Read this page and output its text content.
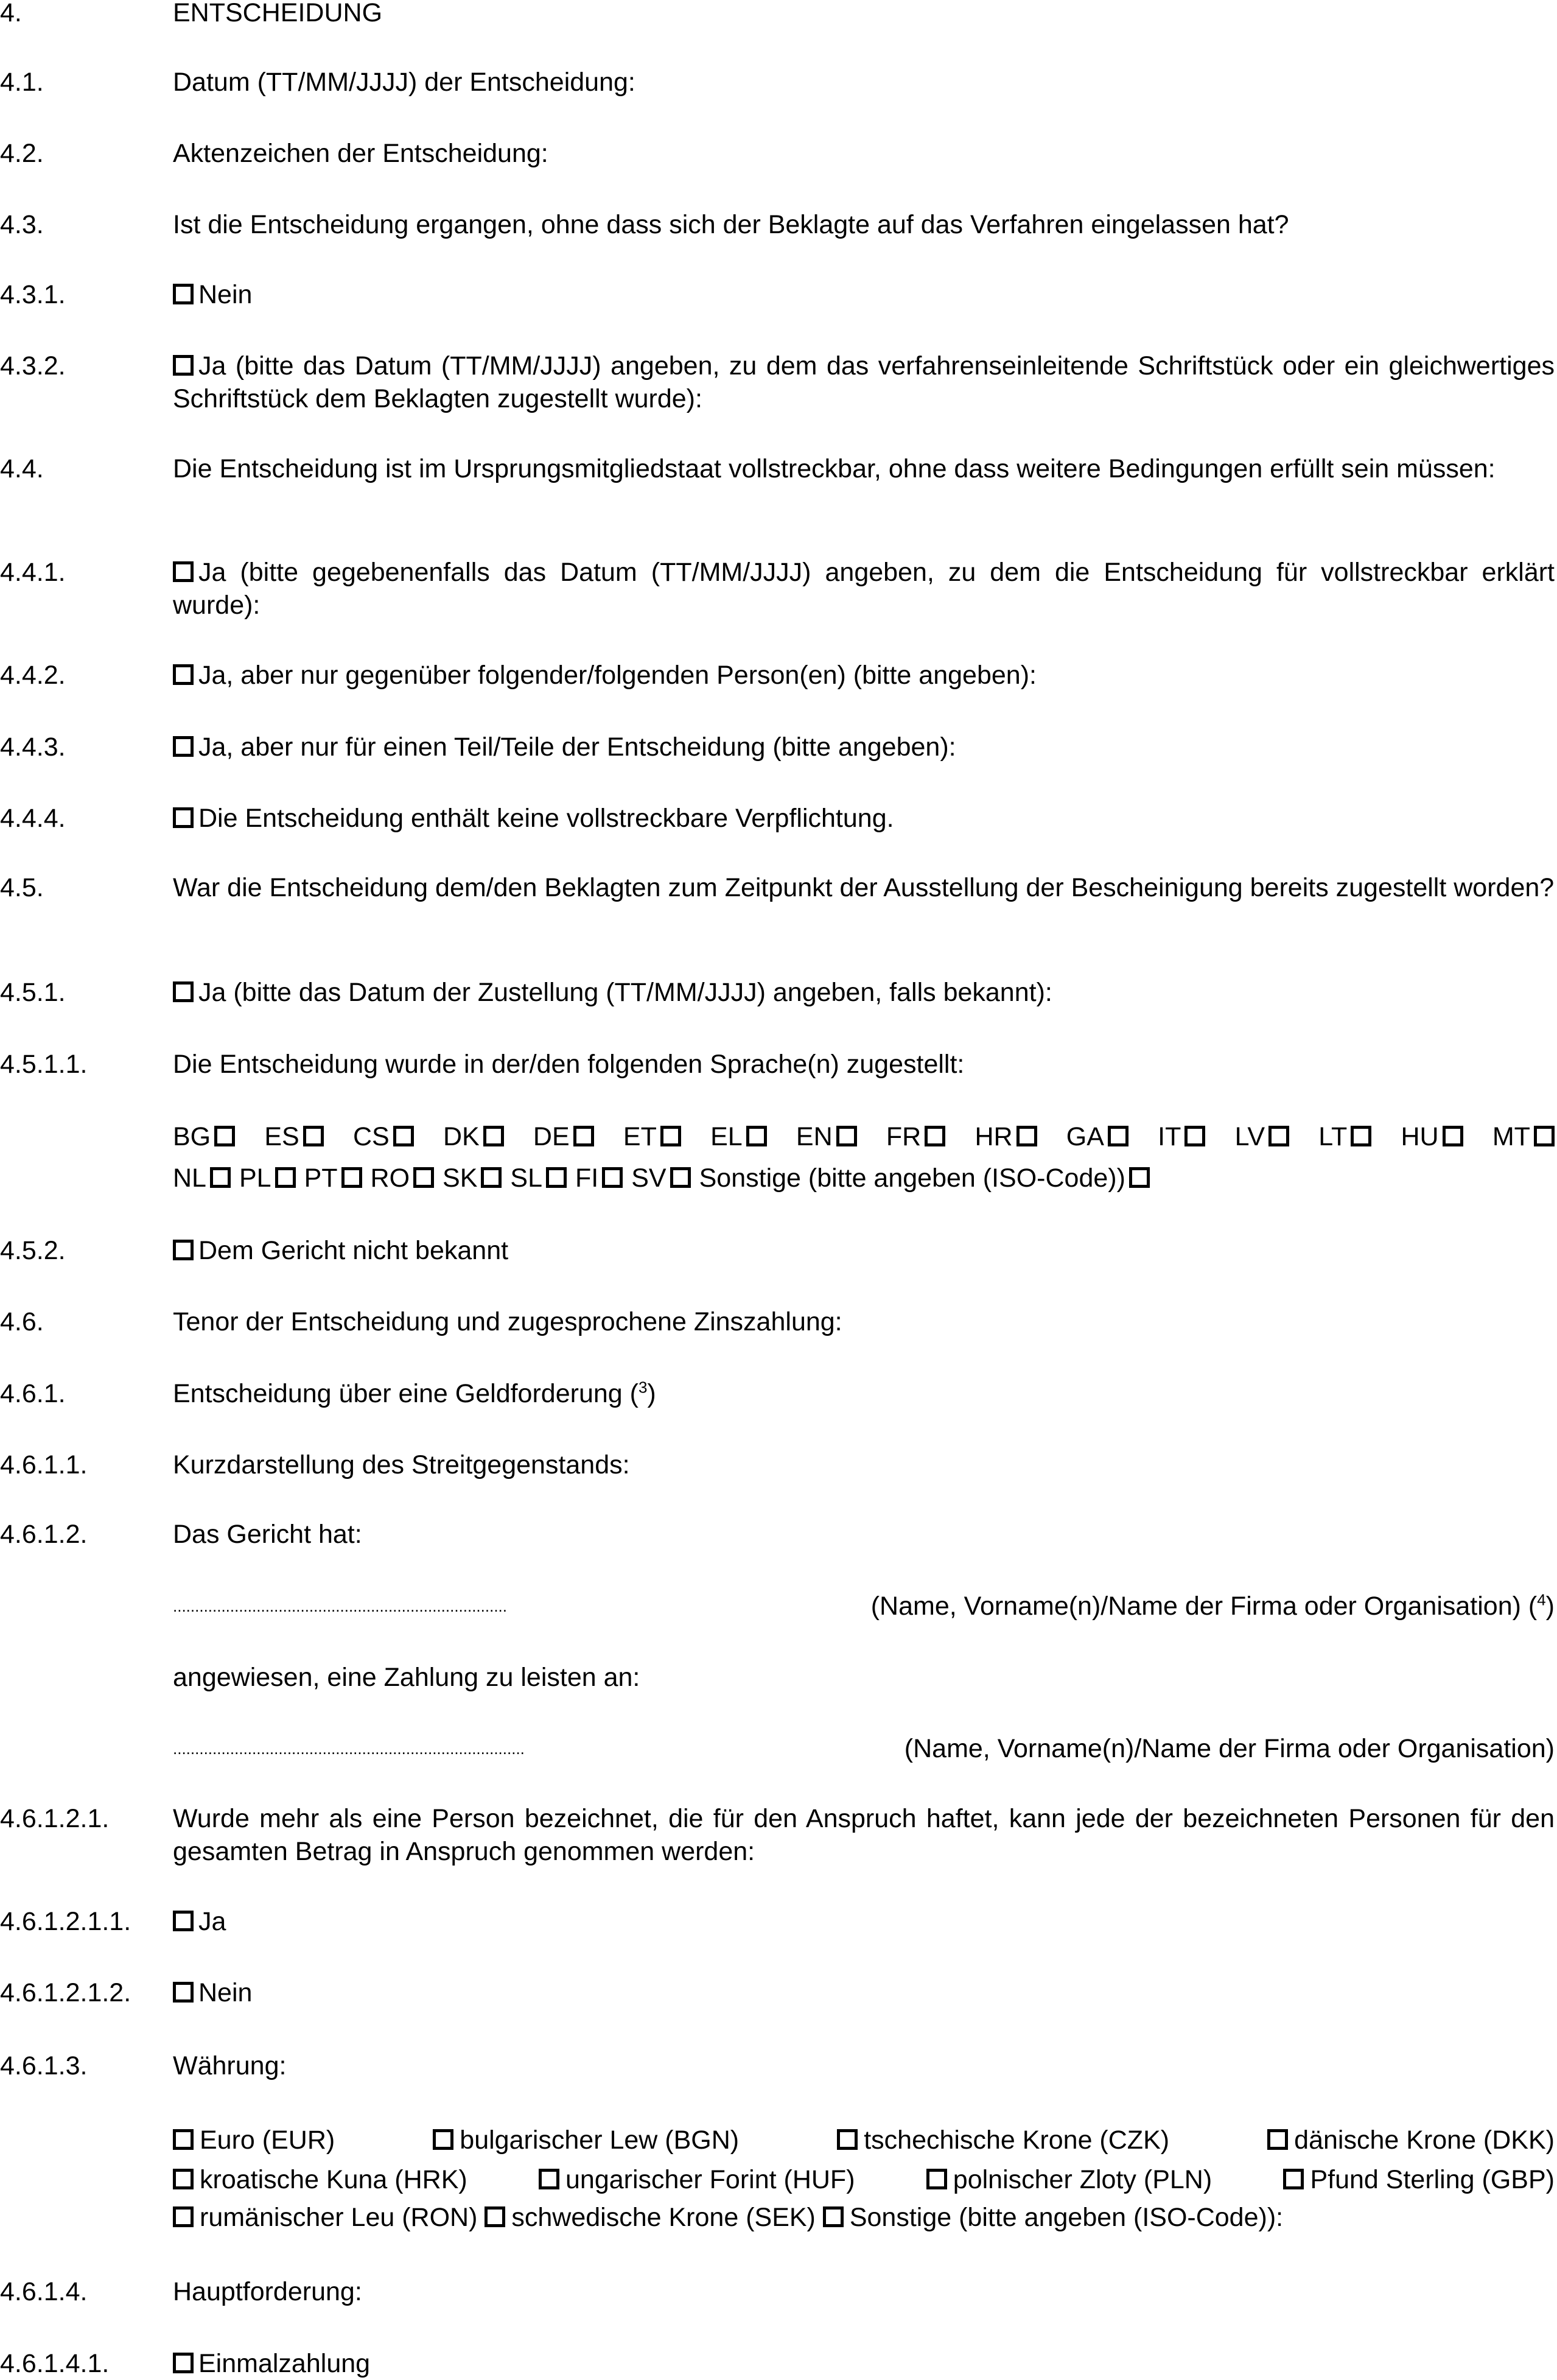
4.	ENTSCHEIDUNG
4.1.	Datum (TT/MM/JJJJ) der Entscheidung:
4.2.	Aktenzeichen der Entscheidung:
4.3.	Ist die Entscheidung ergangen, ohne dass sich der Beklagte auf das Verfahren eingelassen hat?
4.3.1.	Nein
4.3.2.	Ja (bitte das Datum (TT/MM/JJJJ) angeben, zu dem das verfahrenseinleitende Schriftstück oder ein gleichwertiges Schriftstück dem Beklagten zugestellt wurde):
4.4.	Die Entscheidung ist im Ursprungsmitgliedstaat vollstreckbar, ohne dass weitere Bedingungen erfüllt sein müssen:
4.4.1.	Ja (bitte gegebenenfalls das Datum (TT/MM/JJJJ) angeben, zu dem die Entscheidung für vollstreckbar erklärt wurde):
4.4.2.	Ja, aber nur gegenüber folgender/folgenden Person(en) (bitte angeben):
4.4.3.	Ja, aber nur für einen Teil/Teile der Entscheidung (bitte angeben):
4.4.4.	Die Entscheidung enthält keine vollstreckbare Verpflichtung.
4.5.	War die Entscheidung dem/den Beklagten zum Zeitpunkt der Ausstellung der Bescheinigung bereits zugestellt worden?
4.5.1.	Ja (bitte das Datum der Zustellung (TT/MM/JJJJ) angeben, falls bekannt):
4.5.1.1.	Die Entscheidung wurde in der/den folgenden Sprache(n) zugestellt:
BG	ES	CS	DK	DE	ET	EL	EN	FR	HR	GA	IT	LV	LT	HU	MT
NL PL PT RO SK SL FI SV Sonstige (bitte angeben (ISO-Code))
4.5.2.	Dem Gericht nicht bekannt
4.6.	Tenor der Entscheidung und zugesprochene Zinszahlung:
4.6.1.	Entscheidung über eine Geldforderung ($^3$)
4.6.1.1.	Kurzdarstellung des Streitgegenstands:
4.6.1.2.	Das Gericht hat:
............................................................................	(Name, Vorname(n)/Name der Firma oder Organisation) ($^4$)
angewiesen, eine Zahlung zu leisten an:
................................................................................	(Name, Vorname(n)/Name der Firma oder Organisation)
4.6.1.2.1. Wurde mehr als eine Person bezeichnet, die für den Anspruch haftet, kann jede der bezeichneten Personen für den gesamten Betrag in Anspruch genommen werden:
4.6.1.2.1.1.	Ja
4.6.1.2.1.2.	Nein
4.6.1.3.	Währung:
Euro (EUR)	bulgarischer Lew (BGN)	tschechische Krone (CZK)	dänische Krone (DKK)
kroatische Kuna (HRK)	ungarischer Forint (HUF)	polnischer Zloty (PLN)	Pfund Sterling (GBP)
rumänischer Leu (RON) schwedische Krone (SEK) Sonstige (bitte angeben (ISO-Code)):
4.6.1.4.	Hauptforderung:
4.6.1.4.1.	Einmalzahlung
